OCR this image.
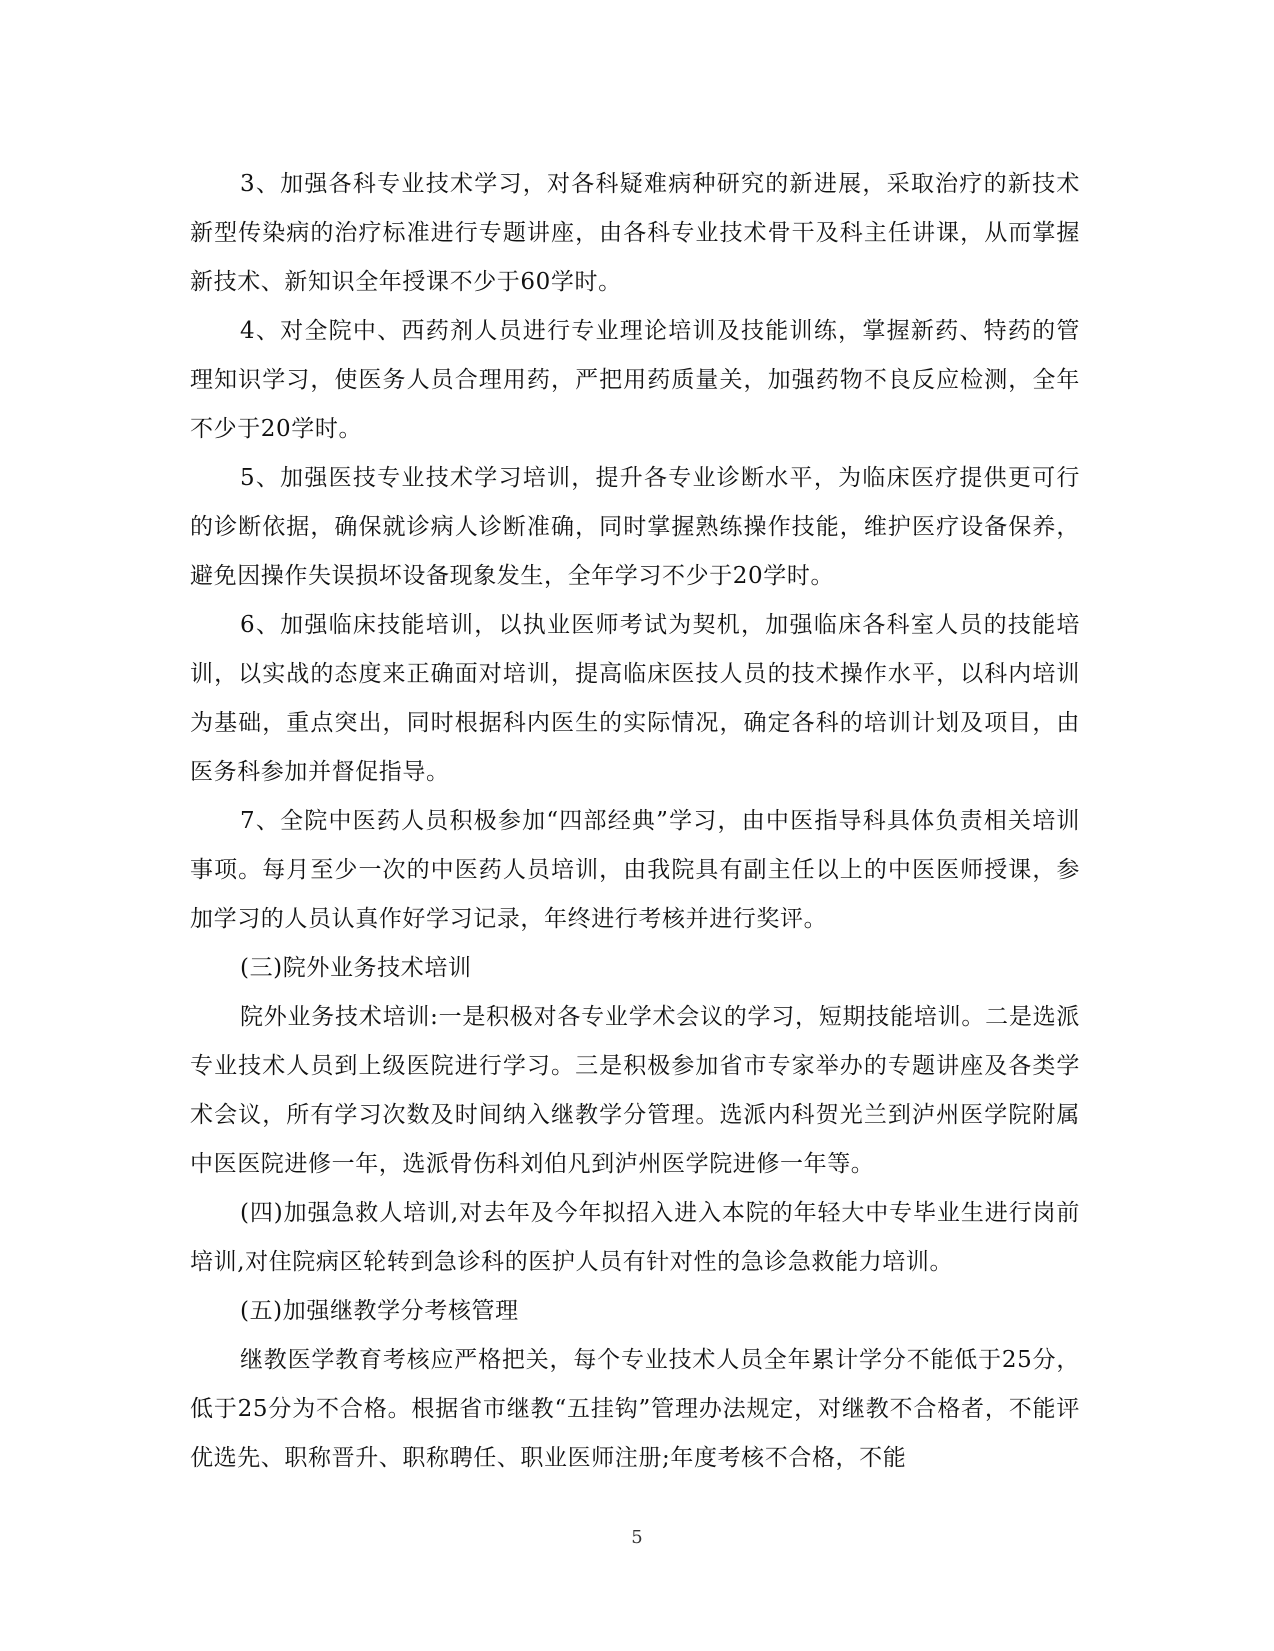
3、加强各科专业技术学习，对各科疑难病种研究的新进展，采取治疗的新技术新型传染病的治疗标准进行专题讲座，由各科专业技术骨干及科主任讲课，从而掌握新技术、新知识全年授课不少于60学时。

4、对全院中、西药剂人员进行专业理论培训及技能训练，掌握新药、特药的管理知识学习，使医务人员合理用药，严把用药质量关，加强药物不良反应检测，全年不少于20学时。

5、加强医技专业技术学习培训，提升各专业诊断水平，为临床医疗提供更可行的诊断依据，确保就诊病人诊断准确，同时掌握熟练操作技能，维护医疗设备保养，避免因操作失误损坏设备现象发生，全年学习不少于20学时。

6、加强临床技能培训，以执业医师考试为契机，加强临床各科室人员的技能培训，以实战的态度来正确面对培训，提高临床医技人员的技术操作水平，以科内培训为基础，重点突出，同时根据科内医生的实际情况，确定各科的培训计划及项目，由医务科参加并督促指导。

7、全院中医药人员积极参加“四部经典”学习，由中医指导科具体负责相关培训事项。每月至少一次的中医药人员培训，由我院具有副主任以上的中医医师授课，参加学习的人员认真作好学习记录，年终进行考核并进行奖评。

(三)院外业务技术培训

院外业务技术培训:一是积极对各专业学术会议的学习，短期技能培训。二是选派专业技术人员到上级医院进行学习。三是积极参加省市专家举办的专题讲座及各类学术会议，所有学习次数及时间纳入继教学分管理。选派内科贺光兰到泸州医学院附属中医医院进修一年，选派骨伤科刘伯凡到泸州医学院进修一年等。

(四)加强急救人培训,对去年及今年拟招入进入本院的年轻大中专毕业生进行岗前培训,对住院病区轮转到急诊科的医护人员有针对性的急诊急救能力培训。

(五)加强继教学分考核管理

继教医学教育考核应严格把关，每个专业技术人员全年累计学分不能低于25分，低于25分为不合格。根据省市继教“五挂钩”管理办法规定，对继教不合格者，不能评优选先、职称晋升、职称聘任、职业医师注册;年度考核不合格，不能

5
